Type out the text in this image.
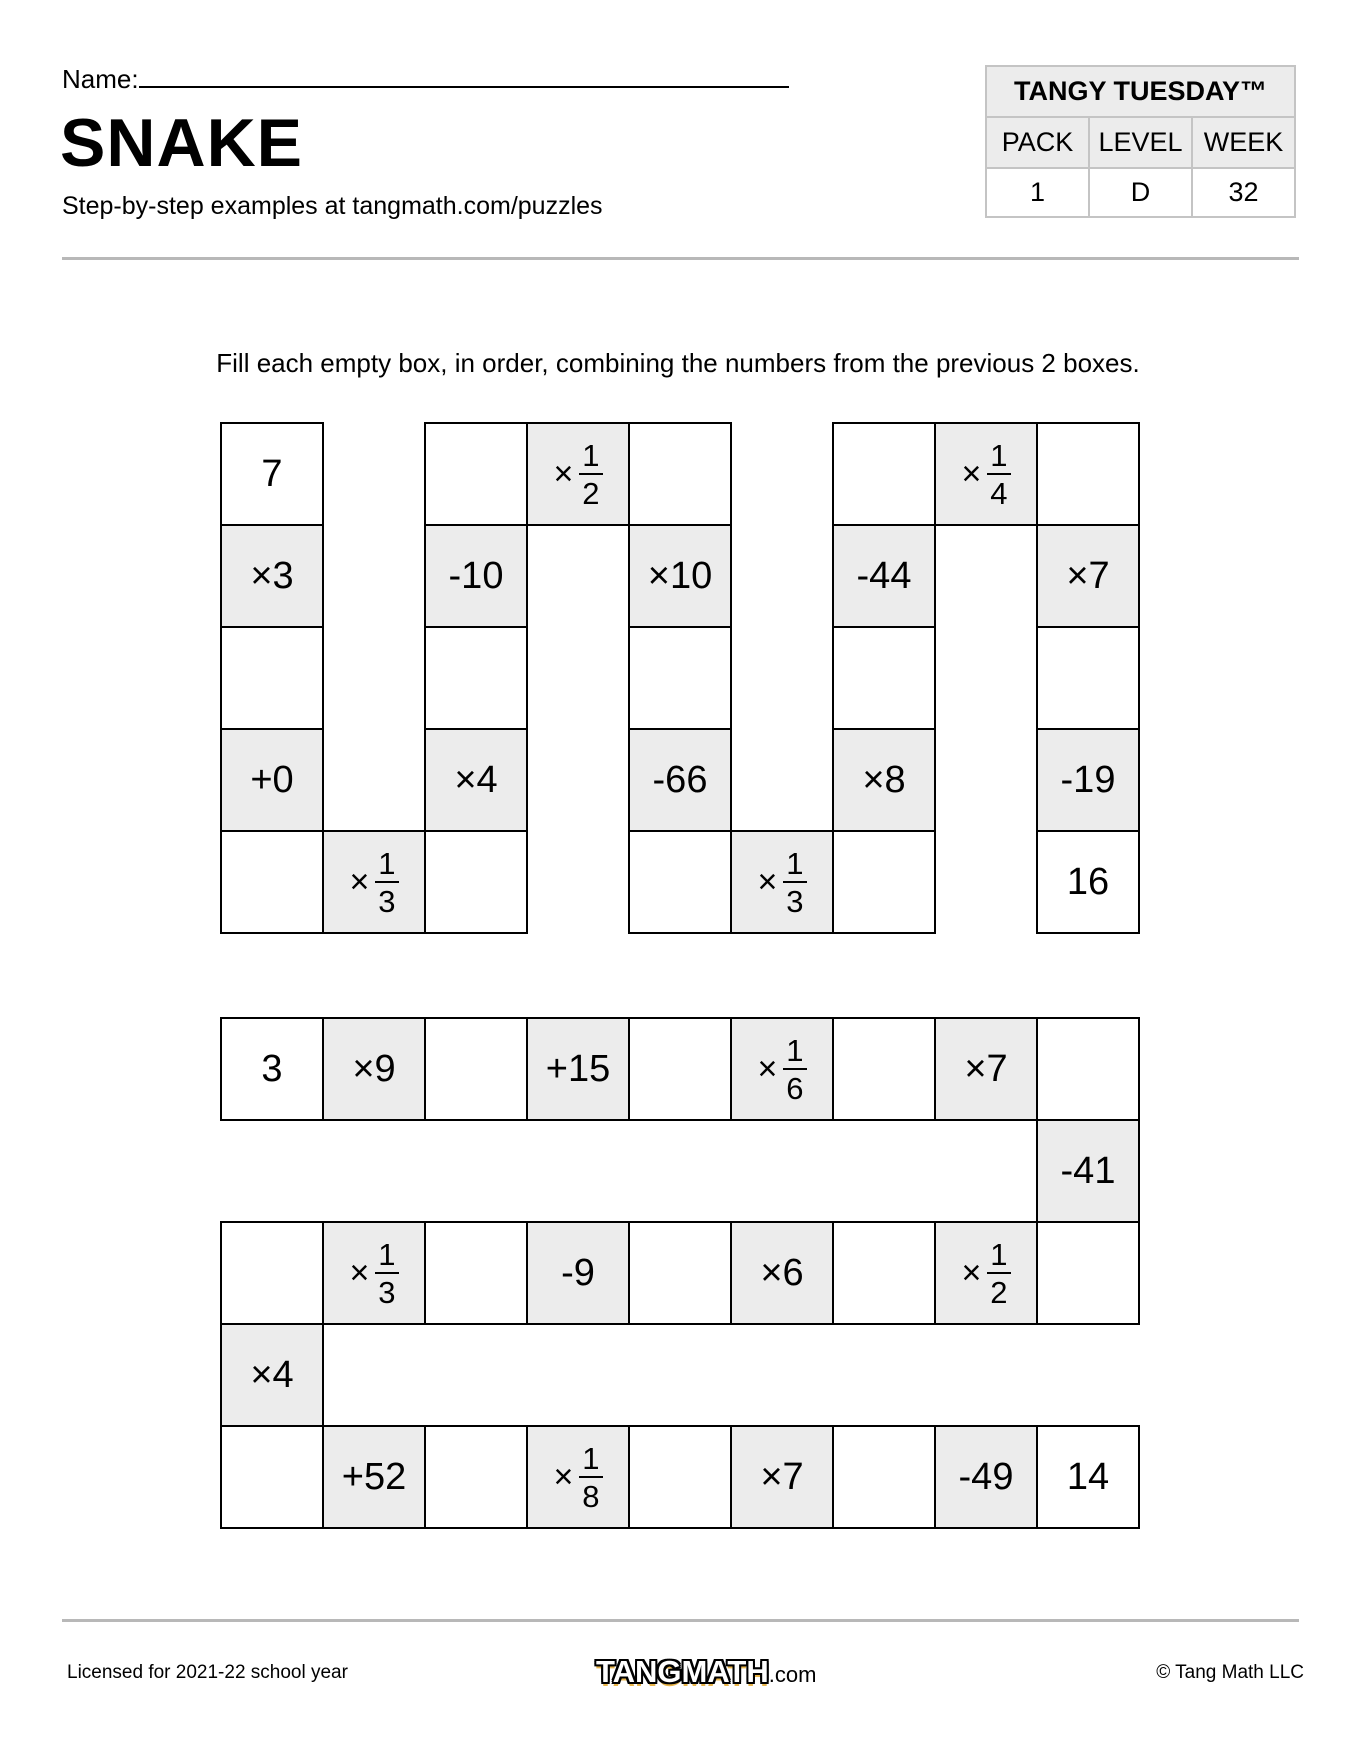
Name:
SNAKE
Step-by-step examples at tangmath.com/puzzles
TANGY TUESDAY™		
PACK	LEVEL	WEEK
1	D	32
Fill each empty box, in order, combining the numbers from the previous 2 boxes.
7
×3
+0
× $\frac{1}{3}$
×4
-10
× $\frac{1}{2}$
×10
-66
× $\frac{1}{3}$
×8
-44
× $\frac{1}{4}$
×7
-19
16
3 ×9	+15	× $\frac{1}{6}$	×7
-41
× $\frac{1}{2}$
×6
-9
× $\frac{1}{3}$
×4
+52	× $\frac{1}{8}$	×7	-49 14
Licensed for 2021-22 school year	TANGMATH.com	© Tang Math LLC
